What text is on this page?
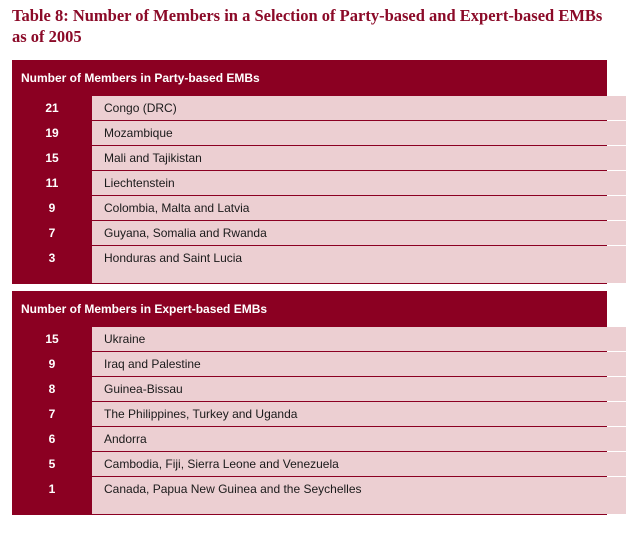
Table 8: Number of Members in a Selection of Party-based and Expert-based EMBs as of 2005
Number of Members in Party-based EMBs
21	Congo (DRC)
19	Mozambique
15	Mali and Tajikistan
11	Liechtenstein
9	Colombia, Malta and Latvia
7	Guyana, Somalia and Rwanda
3	Honduras and Saint Lucia
Number of Members in Expert-based EMBs
15	Ukraine
9	Iraq and Palestine
8	Guinea-Bissau
7	The Philippines, Turkey and Uganda
6	Andorra
5	Cambodia, Fiji, Sierra Leone and Venezuela
1	Canada, Papua New Guinea and the Seychelles
